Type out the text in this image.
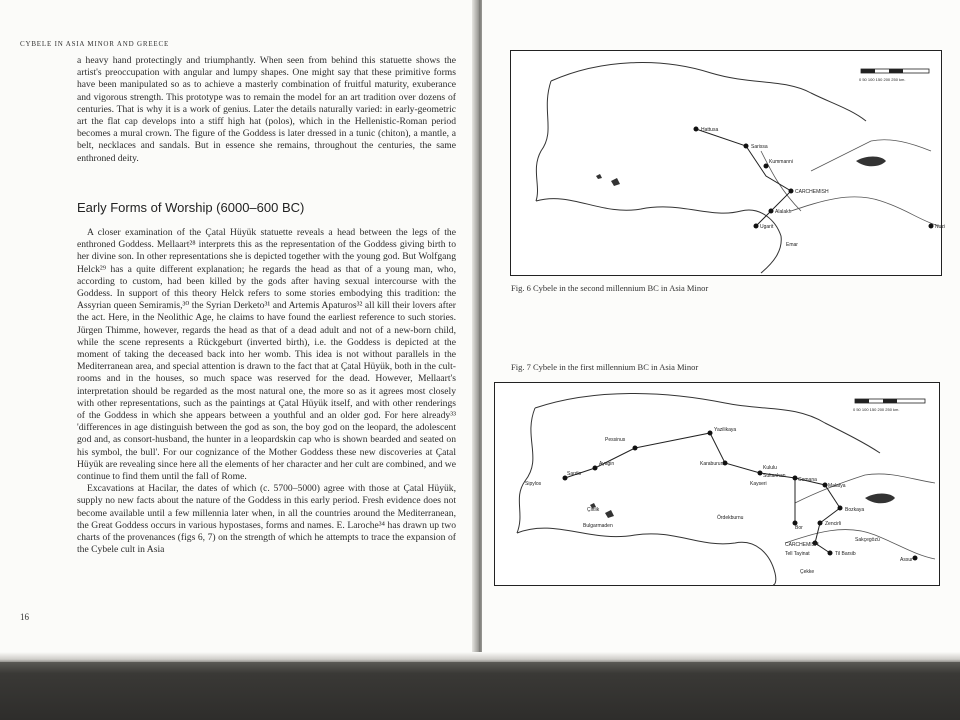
CYBELE IN ASIA MINOR AND GREECE

a heavy hand protectingly and triumphantly. When seen from behind this statuette shows the artist's preoccupation with angular and lumpy shapes. One might say that these primitive forms have been manipulated so as to achieve a masterly combination of fruitful maturity, exuberance and vigorous strength. This prototype was to remain the model for an art tradition over dozens of centuries. That is why it is a work of genius. Later the details naturally varied: in early-geometric art the flat cap develops into a stiff high hat (polos), which in the Hellenistic-Roman period becomes a mural crown. The figure of the Goddess is later dressed in a tunic (chiton), a mantle, a belt, necklaces and sandals. But in essence she remains, throughout the centuries, the same enthroned deity.

Early Forms of Worship (6000–600 BC)

A closer examination of the Çatal Hüyük statuette reveals a head between the legs of the enthroned Goddess. Mellaart²⁸ interprets this as the representation of the Goddess giving birth to her divine son. In other representations she is depicted together with the young god. But Wolfgang Helck²⁹ has a quite different explanation; he regards the head as that of a young man, who, according to custom, had been killed by the gods after having sexual intercourse with the Goddess. In support of this theory Helck refers to some stories embodying this tradition: the Assyrian queen Semiramis,³⁰ the Syrian Derketo³¹ and Artemis Apaturos³² all kill their lovers after the act. Here, in the Neolithic Age, he claims to have found the earliest reference to such stories. Jürgen Thimme, however, regards the head as that of a dead adult and not of a new-born child, while the scene represents a Rückgeburt (inverted birth), i.e. the Goddess is depicted at the moment of taking the deceased back into her womb. This idea is not without parallels in the Mediterranean area, and special attention is drawn to the fact that at Çatal Hüyük, both in the cult-rooms and in the houses, so much space was reserved for the dead. However, Mellaart's interpretation should be regarded as the most natural one, the more so as it agrees most closely with other representations, such as the paintings at Çatal Hüyük itself, and with other renderings of the Goddess in which she appears between a youthful and an older god. For here already³³ 'differences in age distinguish between the god as son, the boy god on the leopard, the adolescent god and, as consort-husband, the hunter in a leopardskin cap who is shown bearded and seated on his symbol, the bull'. For our cognizance of the Mother Goddess these new discoveries at Çatal Hüyük are revealing since here all the elements of her character and her cult are combined, and we continue to find them until the fall of Rome.

Excavations at Hacilar, the dates of which (c. 5700–5000) agree with those at Çatal Hüyük, supply no new facts about the nature of the Goddess in this early period. Fresh evidence does not become available until a few millennia later when, in all the countries around the Mediterranean, the Great Goddess occurs in various hypostases, forms and names. E. Laroche³⁴ has drawn up two charts of the provenances (figs 6, 7) on the strength of which he attempts to trace the expansion of the Cybele cult in Asia

16
Hattusa
Sarissa
Kummanni
CARCHEMISH
Alalakh
Ugarit
Emar
Nuzi
0 50 100 150 200 250 km.
Fig. 6 Cybele in the second millennium BC in Asia Minor
Fig. 7 Cybele in the first millennium BC in Asia Minor
Pessinus
Yazilikaya
Ayagin
Sipylos
Sardis
Karaburun
Kululu
Sultanhan
Kayseri
Comana
Malatya
Çiftlik
Bulgarmaden
Ördekburnu
Bor
Bozkaya
Zencirli
CARCHEMISH
Tell Tayinat
Sakçegözü
Til Barsib
Çekke
Assur
0 50 100 150 200 250 km.
